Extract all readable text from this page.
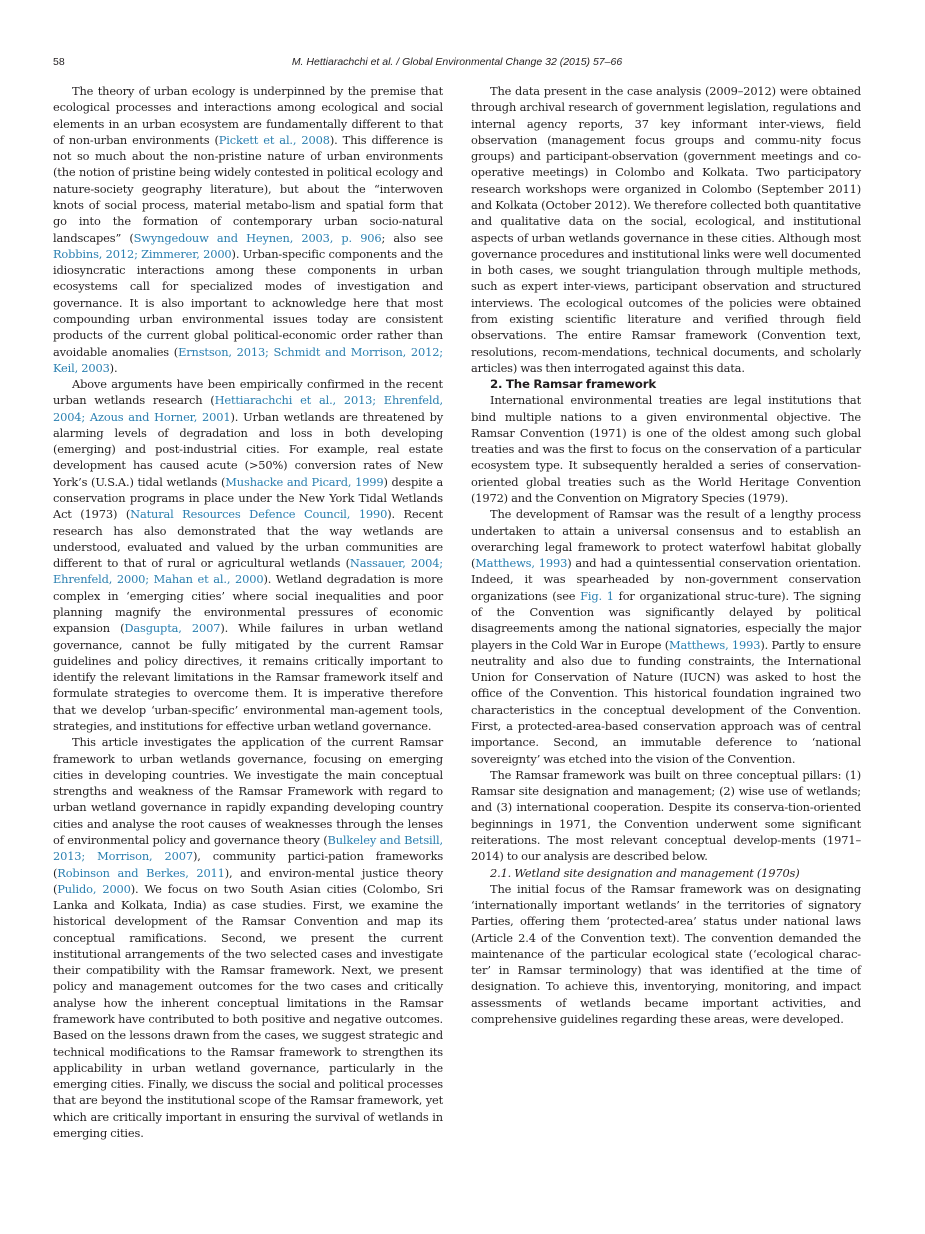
58	M. Hettiarachchi et al. / Global Environmental Change 32 (2015) 57–66

The theory of urban ecology is underpinned by the premise that ecological processes and interactions among ecological and social elements in an urban ecosystem are fundamentally different to that of non-urban environments (Pickett et al., 2008). This difference is not so much about the non-pristine nature of urban environments (the notion of pristine being widely contested in political ecology and nature-society geography literature), but about the “interwoven knots of social process, material metabo-lism and spatial form that go into the formation of contemporary urban socio-natural landscapes” (Swyngedouw and Heynen, 2003, p. 906; also see Robbins, 2012; Zimmerer, 2000). Urban-specific components and the idiosyncratic interactions among these components in urban ecosystems call for specialized modes of investigation and governance. It is also important to acknowledge here that most compounding urban environmental issues today are consistent products of the current global political-economic order rather than avoidable anomalies (Ernstson, 2013; Schmidt and Morrison, 2012; Keil, 2003).

Above arguments have been empirically confirmed in the recent urban wetlands research (Hettiarachchi et al., 2013; Ehrenfeld, 2004; Azous and Horner, 2001). Urban wetlands are threatened by alarming levels of degradation and loss in both developing (emerging) and post-industrial cities. For example, real estate development has caused acute (>50%) conversion rates of New York’s (U.S.A.) tidal wetlands (Mushacke and Picard, 1999) despite a conservation programs in place under the New York Tidal Wetlands Act (1973) (Natural Resources Defence Council, 1990). Recent research has also demonstrated that the way wetlands are understood, evaluated and valued by the urban communities are different to that of rural or agricultural wetlands (Nassauer, 2004; Ehrenfeld, 2000; Mahan et al., 2000). Wetland degradation is more complex in ‘emerging cities’ where social inequalities and poor planning magnify the environmental pressures of economic expansion (Dasgupta, 2007). While failures in urban wetland governance, cannot be fully mitigated by the current Ramsar guidelines and policy directives, it remains critically important to identify the relevant limitations in the Ramsar framework itself and formulate strategies to overcome them. It is imperative therefore that we develop ‘urban-specific’ environmental man-agement tools, strategies, and institutions for effective urban wetland governance.

This article investigates the application of the current Ramsar framework to urban wetlands governance, focusing on emerging cities in developing countries. We investigate the main conceptual strengths and weakness of the Ramsar Framework with regard to urban wetland governance in rapidly expanding developing country cities and analyse the root causes of weaknesses through the lenses of environmental policy and governance theory (Bulkeley and Betsill, 2013; Morrison, 2007), community partici-pation frameworks (Robinson and Berkes, 2011), and environ-mental justice theory (Pulido, 2000). We focus on two South Asian cities (Colombo, Sri Lanka and Kolkata, India) as case studies. First, we examine the historical development of the Ramsar Convention and map its conceptual ramifications. Second, we present the current institutional arrangements of the two selected cases and investigate their compatibility with the Ramsar framework. Next, we present policy and management outcomes for the two cases and critically analyse how the inherent conceptual limitations in the Ramsar framework have contributed to both positive and negative outcomes. Based on the lessons drawn from the cases, we suggest strategic and technical modifications to the Ramsar framework to strengthen its applicability in urban wetland governance, particularly in the emerging cities. Finally, we discuss the social and political processes that are beyond the institutional scope of the Ramsar framework, yet which are critically important in ensuring the survival of wetlands in emerging cities.

The data present in the case analysis (2009–2012) were obtained through archival research of government legislation, regulations and internal agency reports, 37 key informant inter-views, field observation (management focus groups and commu-nity focus groups) and participant-observation (government meetings and co-operative meetings) in Colombo and Kolkata. Two participatory research workshops were organized in Colombo (September 2011) and Kolkata (October 2012). We therefore collected both quantitative and qualitative data on the social, ecological, and institutional aspects of urban wetlands governance in these cities. Although most governance procedures and institutional links were well documented in both cases, we sought triangulation through multiple methods, such as expert inter-views, participant observation and structured interviews. The ecological outcomes of the policies were obtained from existing scientific literature and verified through field observations. The entire Ramsar framework (Convention text, resolutions, recom-mendations, technical documents, and scholarly articles) was then interrogated against this data.

2. The Ramsar framework

International environmental treaties are legal institutions that bind multiple nations to a given environmental objective. The Ramsar Convention (1971) is one of the oldest among such global treaties and was the first to focus on the conservation of a particular ecosystem type. It subsequently heralded a series of conservation-oriented global treaties such as the World Heritage Convention (1972) and the Convention on Migratory Species (1979).

The development of Ramsar was the result of a lengthy process undertaken to attain a universal consensus and to establish an overarching legal framework to protect waterfowl habitat globally (Matthews, 1993) and had a quintessential conservation orientation. Indeed, it was spearheaded by non-government conservation organizations (see Fig. 1 for organizational struc-ture). The signing of the Convention was significantly delayed by political disagreements among the national signatories, especially the major players in the Cold War in Europe (Matthews, 1993). Partly to ensure neutrality and also due to funding constraints, the International Union for Conservation of Nature (IUCN) was asked to host the office of the Convention. This historical foundation ingrained two characteristics in the conceptual development of the Convention. First, a protected-area-based conservation approach was of central importance. Second, an immutable deference to ‘national sovereignty’ was etched into the vision of the Convention.

The Ramsar framework was built on three conceptual pillars: (1) Ramsar site designation and management; (2) wise use of wetlands; and (3) international cooperation. Despite its conserva-tion-oriented beginnings in 1971, the Convention underwent some significant reiterations. The most relevant conceptual develop-ments (1971–2014) to our analysis are described below.

2.1. Wetland site designation and management (1970s)

The initial focus of the Ramsar framework was on designating ‘internationally important wetlands’ in the territories of signatory Parties, offering them ‘protected-area’ status under national laws (Article 2.4 of the Convention text). The convention demanded the maintenance of the particular ecological state (‘ecological charac-ter’ in Ramsar terminology) that was identified at the time of designation. To achieve this, inventorying, monitoring, and impact assessments of wetlands became important activities, and comprehensive guidelines regarding these areas, were developed.
